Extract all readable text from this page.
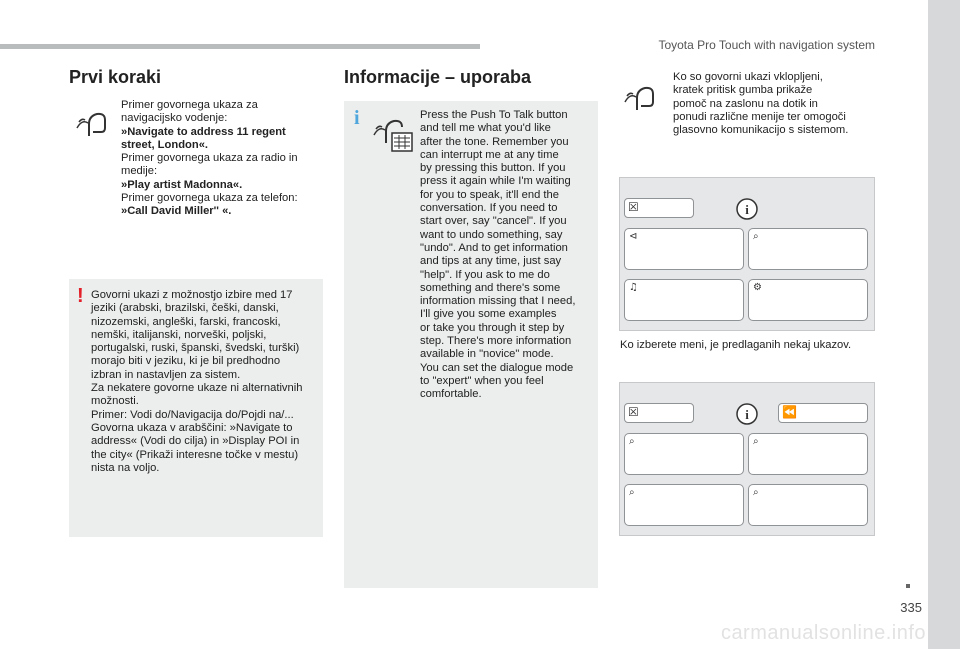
Toyota Pro Touch with navigation system
Prvi koraki

Primer govornega ukaza za

navigacijsko vodenje:

»Navigate to address 11 regent

street, London«.

Primer govornega ukaza za radio in

medije:

»Play artist Madonna«.

Primer govornega ukaza za telefon:

»Call David Miller'' «.

! Govorni ukazi z možnostjo izbire med 17

jeziki (arabski, brazilski, češki, danski,

nizozemski, angleški, farski, francoski,

nemški, italijanski, norveški, poljski,

portugalski, ruski, španski, švedski, turški)

morajo biti v jeziku, ki je bil predhodno

izbran in nastavljen za sistem.

Za nekatere govorne ukaze ni alternativnih

možnosti.

Primer: Vodi do/Navigacija do/Pojdi na/...

Govorna ukaza v arabščini: »Navigate to

address« (Vodi do cilja) in »Display POI in

the city« (Prikaži interesne točke v mestu)

nista na voljo.

Informacije – uporaba
i	Press the Push To Talk button

and tell me what you'd like

after the tone. Remember you

can interrupt me at any time

by pressing this button. If you

press it again while I'm waiting

for you to speak, it'll end the

conversation. If you need to

start over, say "cancel". If you

want to undo something, say

"undo". And to get information

and tips at any time, just say

"help". If you ask to me do

something and there's some

information missing that I need,

I'll give you some examples

or take you through it step by

step. There's more information

available in "novice" mode.

You can set the dialogue mode

to "expert" when you feel

comfortable.

Ko so govorni ukazi vklopljeni,

kratek pritisk gumba prikaže

pomoč na zaslonu na dotik in

ponudi različne menije ter omogoči

glasovno komunikacijo s sistemom.

☒	i
⊲	⌕
♫	⚙
Ko izberete meni, je predlaganih nekaj ukazov.
☒	i	⏪
⌕	⌕
⌕	⌕
335
carmanualsonline.info
